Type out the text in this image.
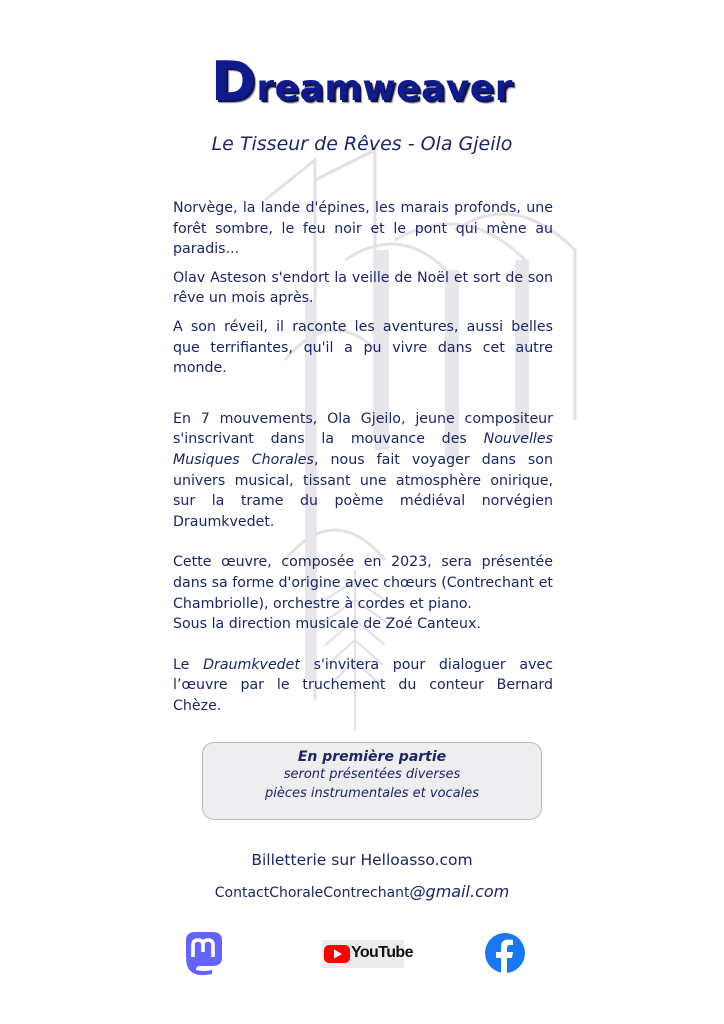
Dreamweaver
Le Tisseur de Rêves - Ola Gjeilo

Norvège, la lande d'épines, les marais profonds, une forêt sombre, le feu noir et le pont qui mène au paradis...

Olav Asteson s'endort la veille de Noël et sort de son rêve un mois après.

A son réveil, il raconte les aventures, aussi belles que terrifiantes, qu'il a pu vivre dans cet autre monde.

En 7 mouvements, Ola Gjeilo, jeune compositeur s'inscrivant dans la mouvance des Nouvelles Musiques Chorales, nous fait voyager dans son univers musical, tissant une atmosphère onirique, sur la trame du poème médiéval norvégien Draumkvedet.

Cette œuvre, composée en 2023, sera présentée dans sa forme d'origine avec chœurs (Contrechant et Chambriolle), orchestre à cordes et piano.

Sous la direction musicale de Zoé Canteux.

Le Draumkvedet s'invitera pour dialoguer avec l’œuvre par le truchement du conteur Bernard Chèze.

En première partie
seront présentées diverses
pièces instrumentales et vocales
Billetterie sur Helloasso.com
ContactChoraleContrechant@gmail.com
YouTube
